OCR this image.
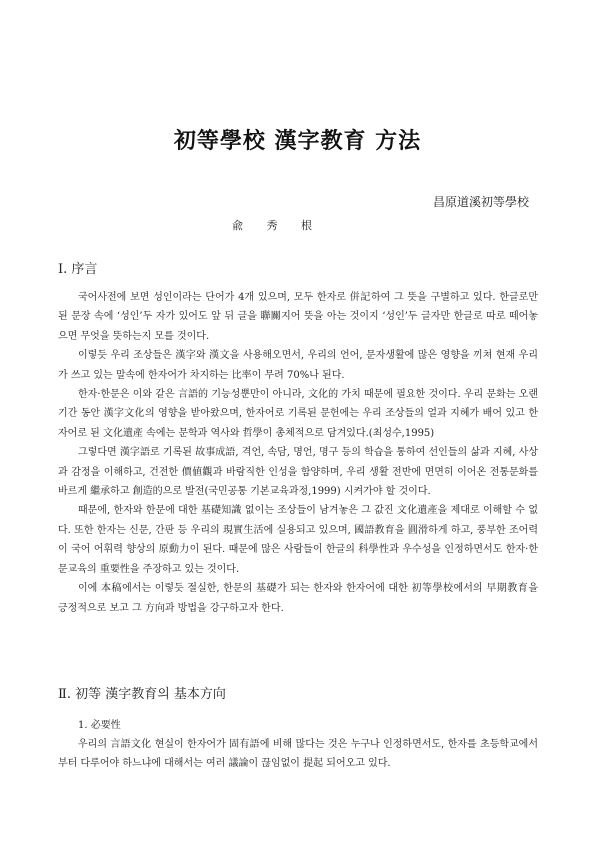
初等學校 漢字教育 方法

昌原道溪初等學校

兪 秀 根

Ⅰ. 序言

국어사전에 보면 성인이라는 단어가 4개 있으며, 모두 한자로 併記하여 그 뜻을 구별하고 있다. 한글로만 된 문장 속에 ‘성인’두 자가 있어도 앞 뒤 글을 聯關지어 뜻을 아는 것이지 ‘성인’두 글자만 한글로 따로 떼어놓으면 무엇을 뜻하는지 모를 것이다.

이렇듯 우리 조상들은 漢字와 漢文을 사용해오면서, 우리의 언어, 문자생활에 많은 영향을 끼쳐 현재 우리가 쓰고 있는 말속에 한자어가 차지하는 比率이 무려 70%나 된다.

한자·한문은 이와 같은 言語的 기능성뿐만이 아니라, 文化的 가치 때문에 필요한 것이다. 우리 문화는 오랜 기간 동안 漢字文化의 영향을 받아왔으며, 한자어로 기록된 문헌에는 우리 조상들의 얼과 지혜가 배어 있고 한자어로 된 文化遺產 속에는 문학과 역사와 哲學이 총체적으로 담겨있다.(최성수,1995)

그렇다면 漢字語로 기록된 故事成語, 격언, 속담, 명언, 명구 등의 학습을 통하여 선인들의 삶과 지혜, 사상과 감정을 이해하고, 건전한 價値觀과 바람직한 인성을 함양하며, 우리 생활 전반에 면면히 이어온 전통문화를 바르게 繼承하고 創造的으로 발전(국민공통 기본교육과정,1999) 시켜가야 할 것이다.

때문에, 한자와 한문에 대한 基礎知識 없이는 조상들이 남겨놓은 그 값진 文化遺產을 제대로 이해할 수 없다. 또한 한자는 신문, 간판 등 우리의 現實生活에 실용되고 있으며, 國語教育을 圓滑하게 하고, 풍부한 조어력이 국어 어휘력 향상의 原動力이 된다. 때문에 많은 사람들이 한글의 科學性과 우수성을 인정하면서도 한자·한문교육의 重要性을 주장하고 있는 것이다.

이에 本稿에서는 이렇듯 절실한, 한문의 基礎가 되는 한자와 한자어에 대한 初等學校에서의 早期教育을 긍정적으로 보고 그 方向과 방법을 강구하고자 한다.

Ⅱ. 初等 漢字教育의 基本方向

1. 必要性

우리의 言語文化 현실이 한자어가 固有語에 비해 많다는 것은 누구나 인정하면서도, 한자를 초등학교에서부터 다루어야 하느냐에 대해서는 여러 議論이 끊임없이 提起 되어오고 있다.
